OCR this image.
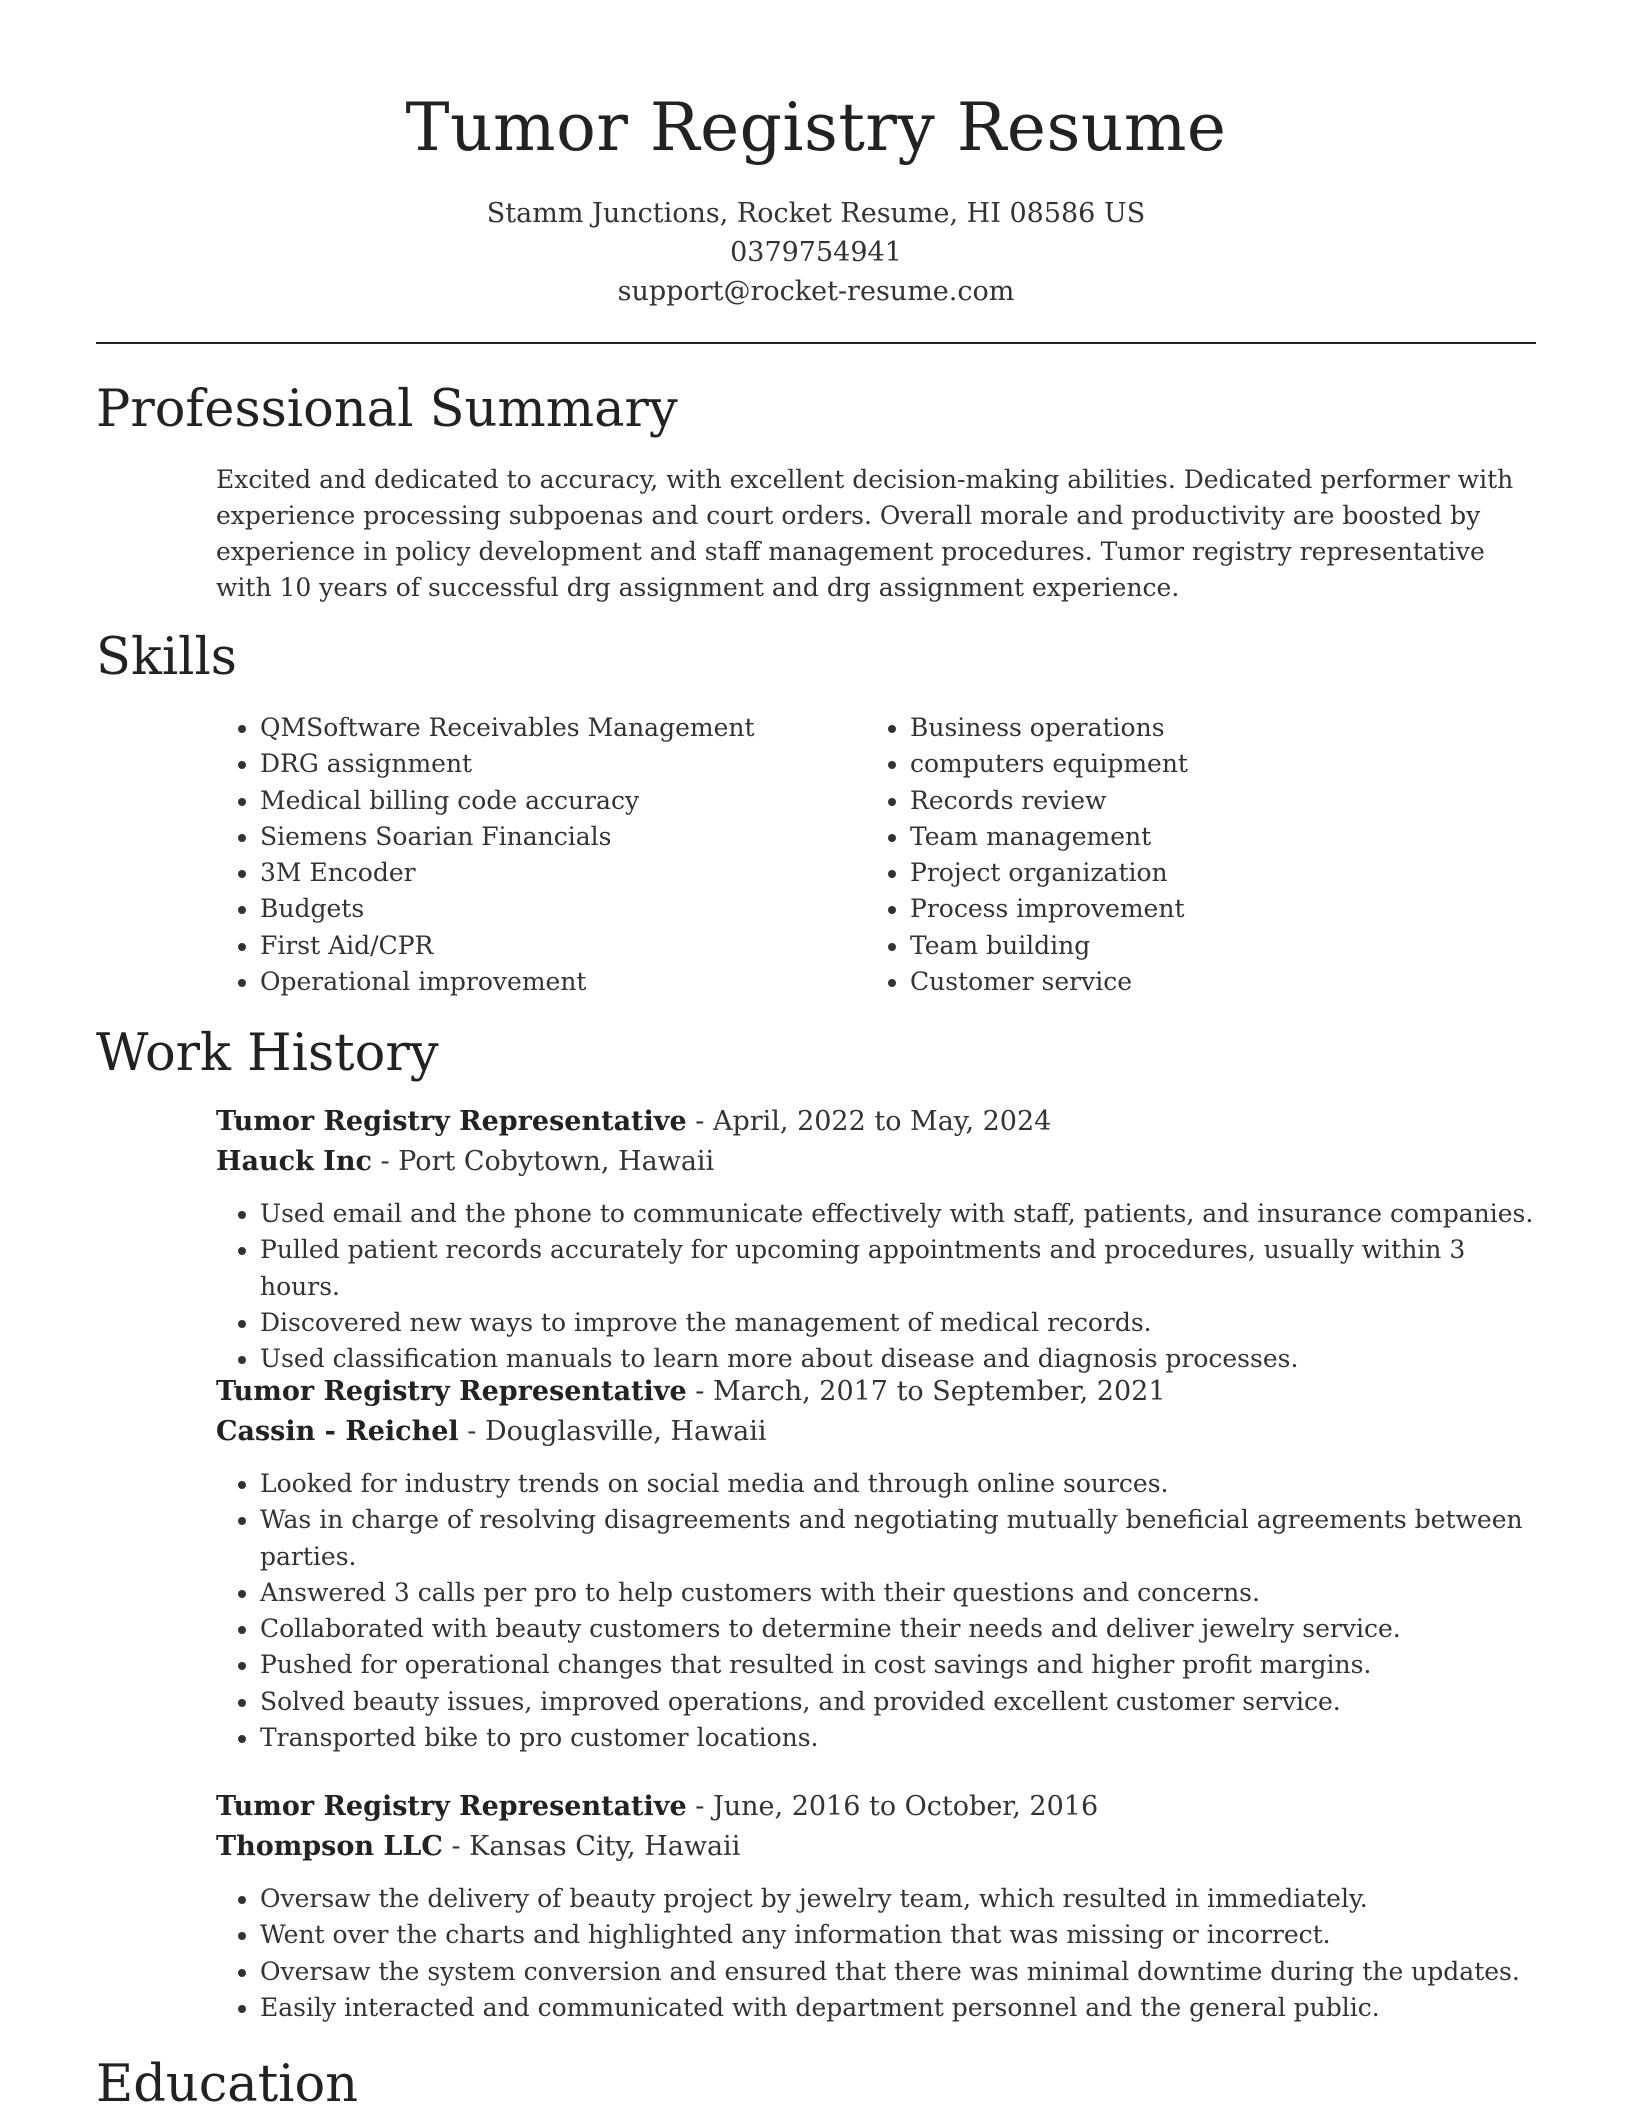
Tumor Registry Resume
Stamm Junctions, Rocket Resume, HI 08586 US
0379754941
support@rocket-resume.com
Professional Summary

Excited and dedicated to accuracy, with excellent decision-making abilities. Dedicated performer with experience processing subpoenas and court orders. Overall morale and productivity are boosted by experience in policy development and staff management procedures. Tumor registry representative with 10 years of successful drg assignment and drg assignment experience.

Skills
• QMSoftware Receivables Management
• DRG assignment
• Medical billing code accuracy
• Siemens Soarian Financials
• 3M Encoder
• Budgets
• First Aid/CPR
• Operational improvement
• Business operations
• computers equipment
• Records review
• Team management
• Project organization
• Process improvement
• Team building
• Customer service
Work History
Tumor Registry Representative - April, 2022 to May, 2024
Hauck Inc - Port Cobytown, Hawaii
• Used email and the phone to communicate effectively with staff, patients, and insurance companies.
• Pulled patient records accurately for upcoming appointments and procedures, usually within 3 hours.
• Discovered new ways to improve the management of medical records.
• Used classification manuals to learn more about disease and diagnosis processes.
Tumor Registry Representative - March, 2017 to September, 2021
Cassin - Reichel - Douglasville, Hawaii
• Looked for industry trends on social media and through online sources.
• Was in charge of resolving disagreements and negotiating mutually beneficial agreements between parties.
• Answered 3 calls per pro to help customers with their questions and concerns.
• Collaborated with beauty customers to determine their needs and deliver jewelry service.
• Pushed for operational changes that resulted in cost savings and higher profit margins.
• Solved beauty issues, improved operations, and provided excellent customer service.
• Transported bike to pro customer locations.
Tumor Registry Representative - June, 2016 to October, 2016
Thompson LLC - Kansas City, Hawaii
• Oversaw the delivery of beauty project by jewelry team, which resulted in immediately.
• Went over the charts and highlighted any information that was missing or incorrect.
• Oversaw the system conversion and ensured that there was minimal downtime during the updates.
• Easily interacted and communicated with department personnel and the general public.
Education
